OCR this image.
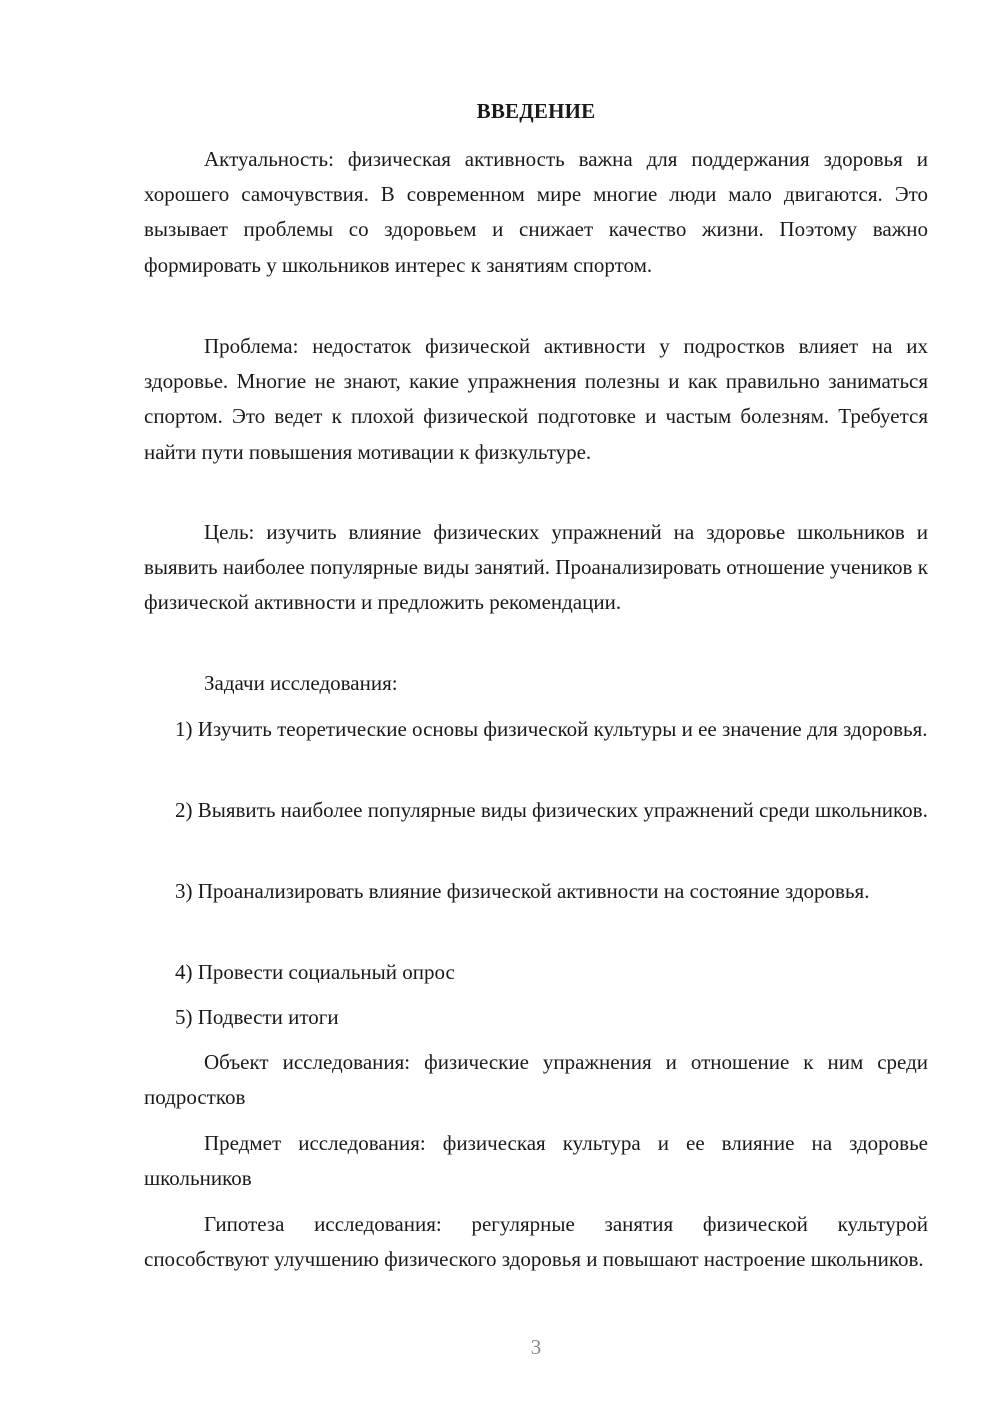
ВВЕДЕНИЕ

Актуальность: физическая активность важна для поддержания здоровья и хорошего самочувствия. В современном мире многие люди мало двигаются. Это вызывает проблемы со здоровьем и снижает качество жизни. Поэтому важно формировать у школьников интерес к занятиям спортом.

Проблема: недостаток физической активности у подростков влияет на их здоровье. Многие не знают, какие упражнения полезны и как правильно заниматься спортом. Это ведет к плохой физической подготовке и частым болезням. Требуется найти пути повышения мотивации к физкультуре.

Цель: изучить влияние физических упражнений на здоровье школьников и выявить наиболее популярные виды занятий. Проанализировать отношение учеников к физической активности и предложить рекомендации.

Задачи исследования:

1) Изучить теоретические основы физической культуры и ее значение для здоровья.

2) Выявить наиболее популярные виды физических упражнений среди школьников.

3) Проанализировать влияние физической активности на состояние здоровья.

4) Провести социальный опрос

5) Подвести итоги

Объект исследования: физические упражнения и отношение к ним среди подростков

Предмет исследования: физическая культура и ее влияние на здоровье школьников

Гипотеза исследования: регулярные занятия физической культурой способствуют улучшению физического здоровья и повышают настроение школьников.

3
